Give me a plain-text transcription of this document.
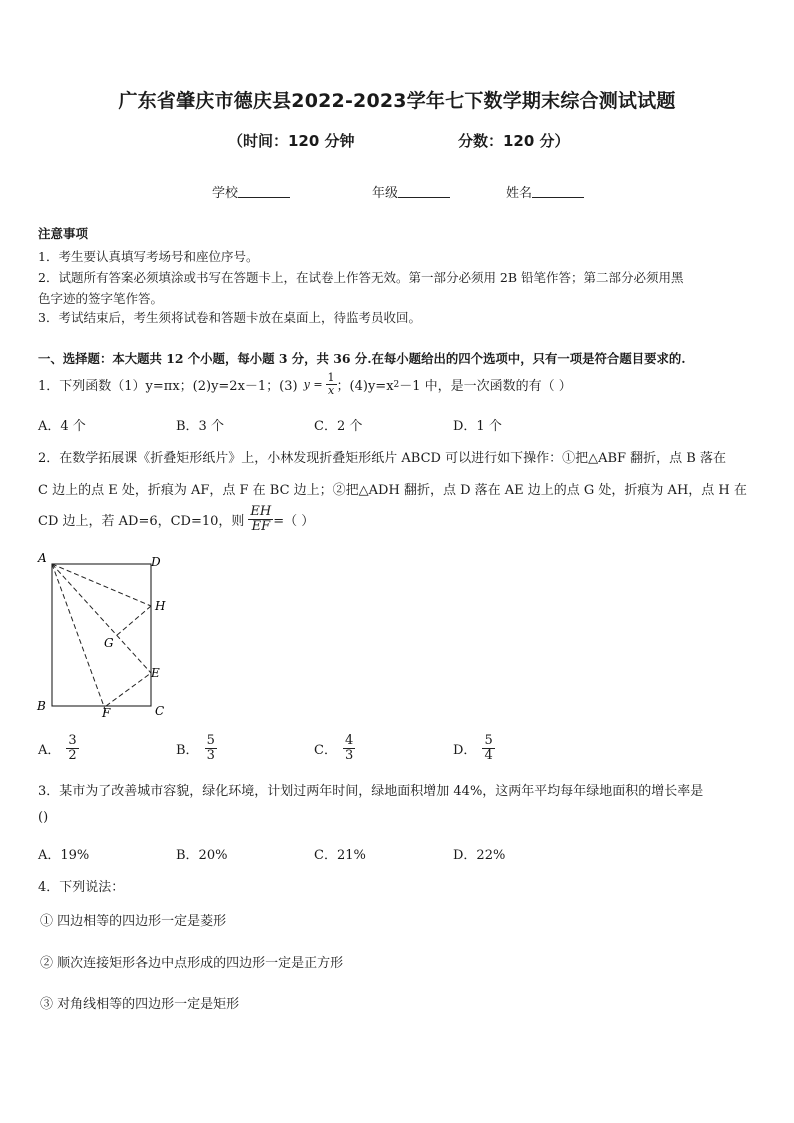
广东省肇庆市德庆县2022-2023学年七下数学期末综合测试试题
（时间：120 分钟	分数：120 分）
学校	年级	姓名
注意事项
1．考生要认真填写考场号和座位序号。
2．试题所有答案必须填涂或书写在答题卡上，在试卷上作答无效。第一部分必须用 2B 铅笔作答；第二部分必须用黑
色字迹的签字笔作答。
3．考试结束后，考生须将试卷和答题卡放在桌面上，待监考员收回。
一、选择题：本大题共 12 个小题，每小题 3 分，共 36 分.在每小题给出的四个选项中，只有一项是符合题目要求的.
1．下列函数（1）y=πx；(2)y=2x－1；(3) $y = \frac{1}{x}$ ；(4)y=x 2 －1 中，是一次函数的有（ ）
A．4 个	B．3 个	C．2 个	D．1 个
2．在数学拓展课《折叠矩形纸片》上，小林发现折叠矩形纸片 ABCD 可以进行如下操作：①把△ABF 翻折，点 B 落在
C 边上的点 E 处，折痕为 AF，点 F 在 BC 边上；②把△ADH 翻折，点 D 落在 AE 边上的点 G 处，折痕为 AH，点 H 在
CD 边上，若 AD=6，CD=10，则 $\frac{EH}{EF}$ =（ ）
A	D
H
G
E
B	F	C
A． $\frac{3}{2}$	B． $\frac{5}{3}$	C． $\frac{4}{3}$	D． $\frac{5}{4}$
3．某市为了改善城市容貌，绿化环境，计划过两年时间，绿地面积增加 44%，这两年平均每年绿地面积的增长率是
()
A．19%	B．20%	C．21%	D．22%
4．下列说法：
① 四边相等的四边形一定是菱形
② 顺次连接矩形各边中点形成的四边形一定是正方形
③ 对角线相等的四边形一定是矩形
